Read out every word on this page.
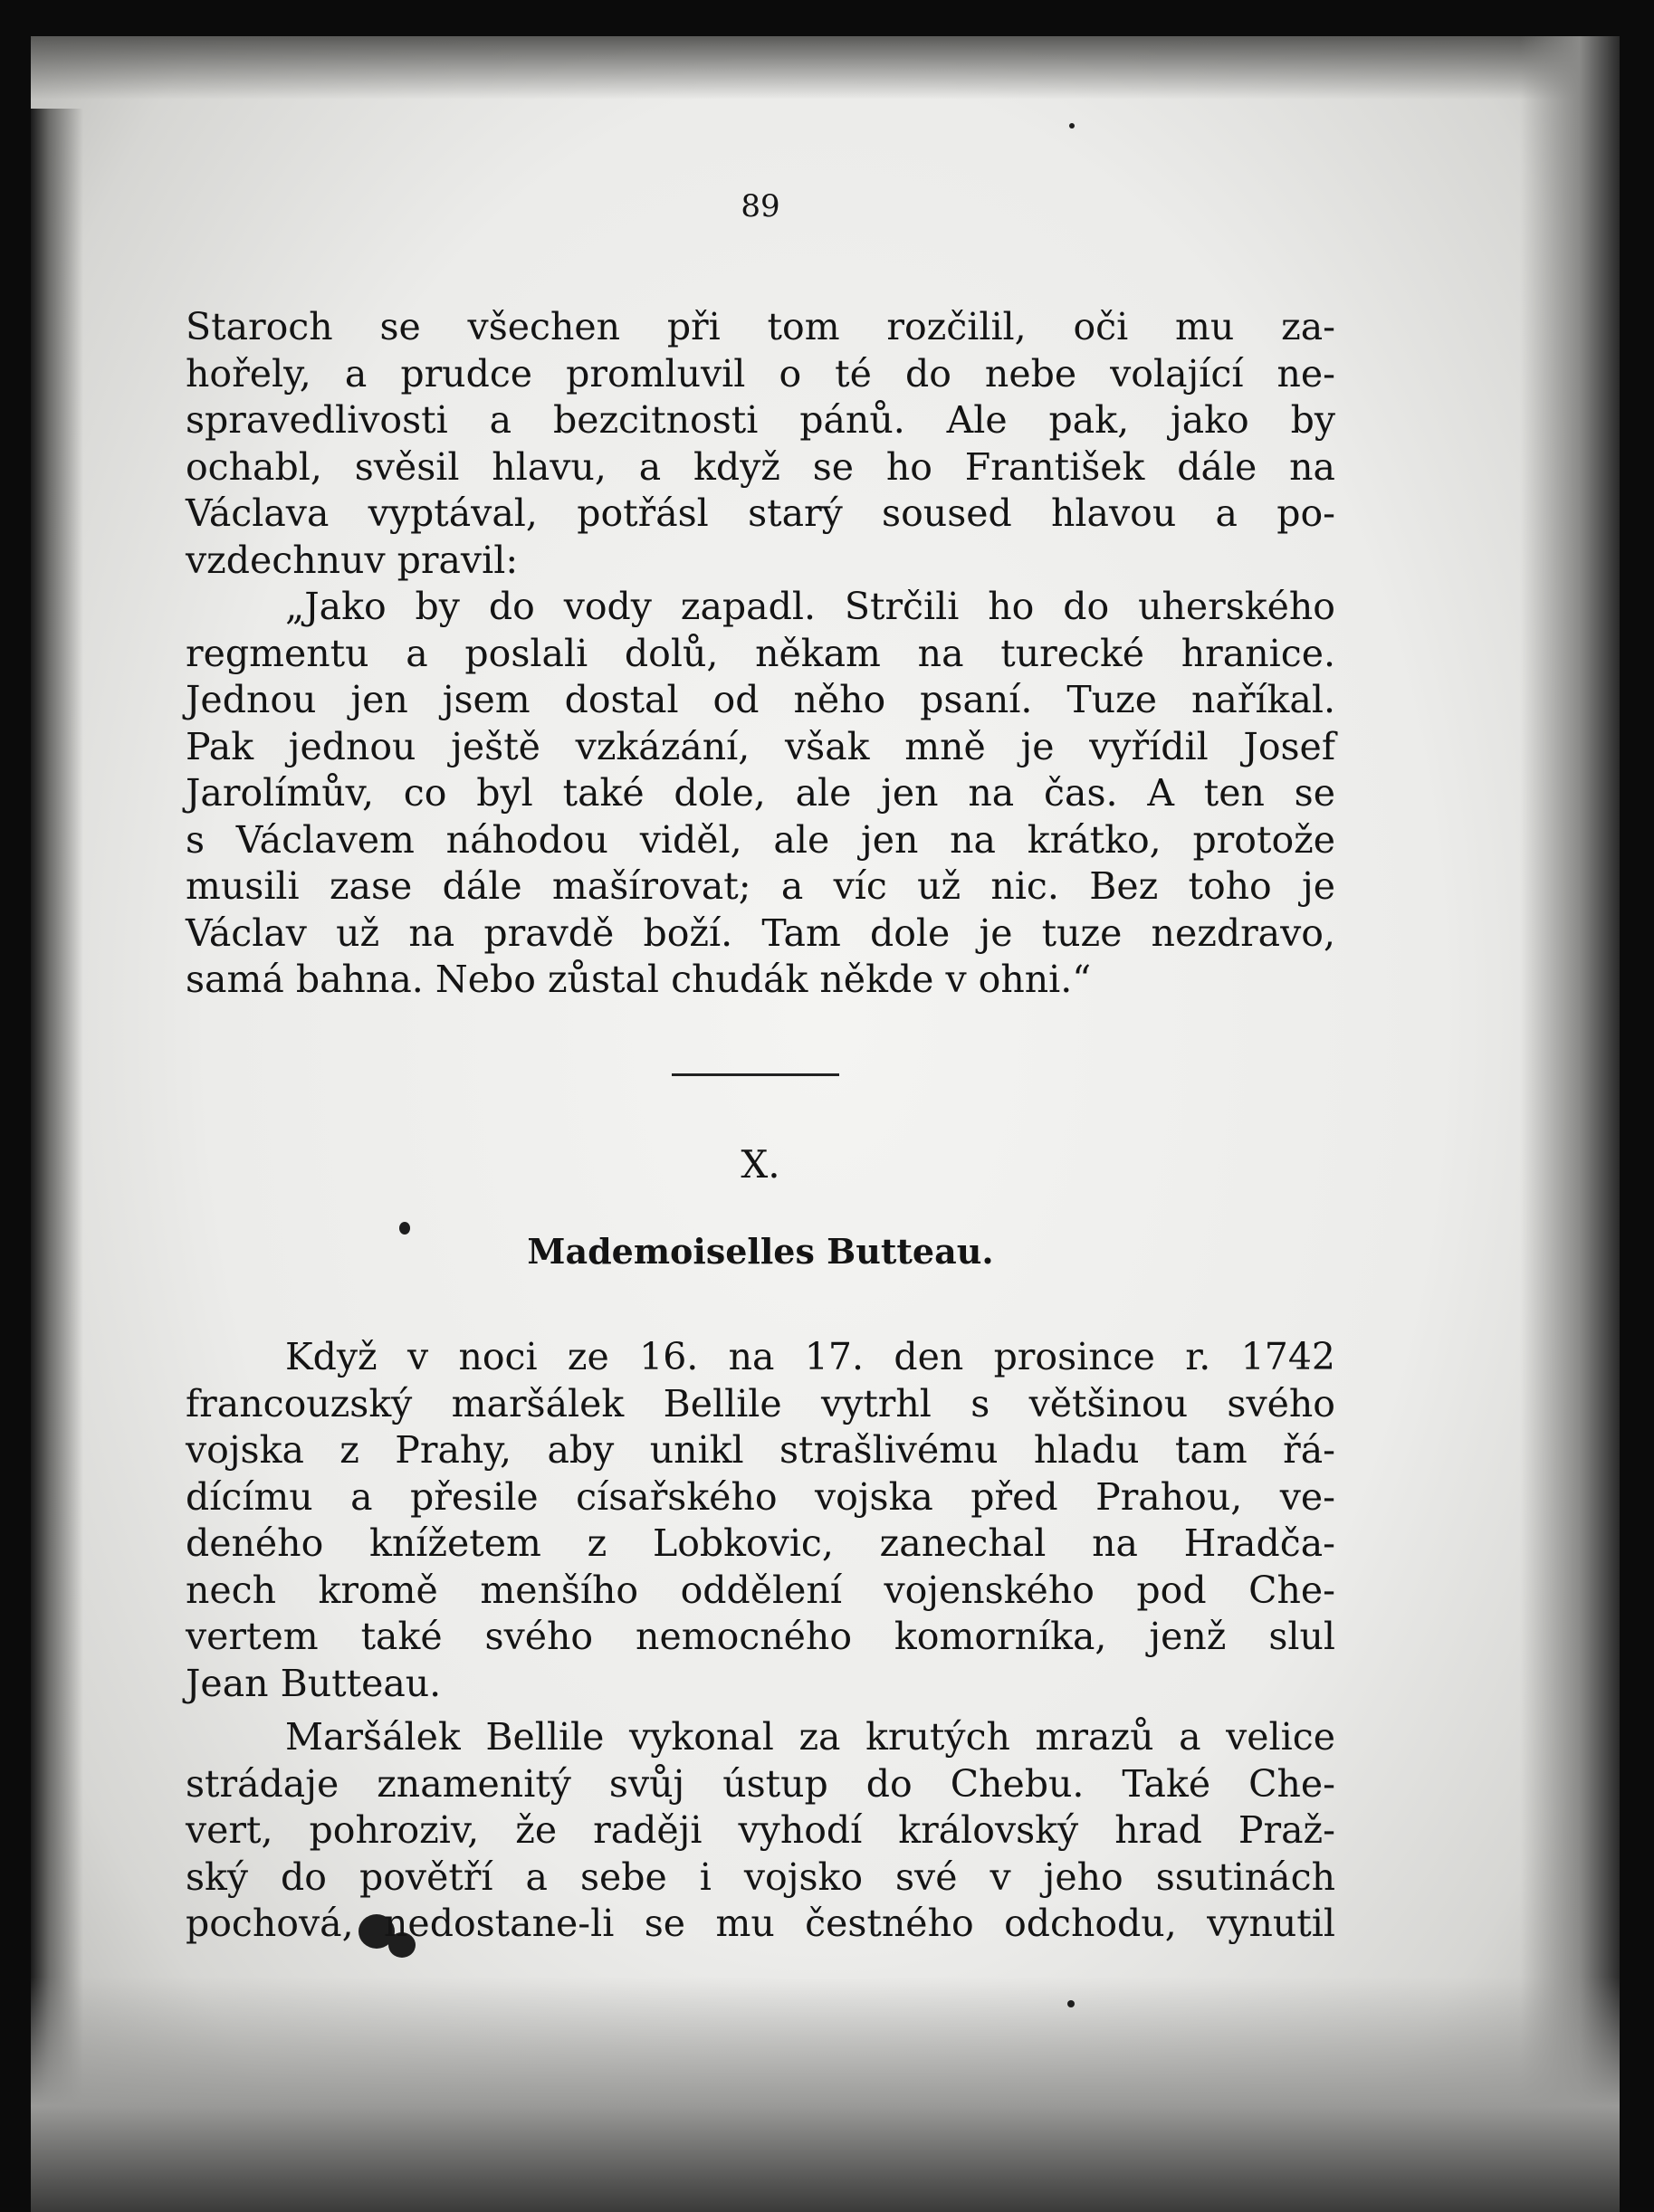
89
Staroch se všechen při tom rozčilil, oči mu za-
hořely, a prudce promluvil o té do nebe volající ne-
spravedlivosti a bezcitnosti pánů. Ale pak, jako by
ochabl, svěsil hlavu, a když se ho František dále na
Václava vyptával, potřásl starý soused hlavou a po-
vzdechnuv pravil:
„Jako by do vody zapadl. Strčili ho do uherského
regmentu a poslali dolů, někam na turecké hranice.
Jednou jen jsem dostal od něho psaní. Tuze naříkal.
Pak jednou ještě vzkázání, však mně je vyřídil Josef
Jarolímův, co byl také dole, ale jen na čas. A ten se
s Václavem náhodou viděl, ale jen na krátko, protože
musili zase dále mašírovat; a víc už nic. Bez toho je
Václav už na pravdě boží. Tam dole je tuze nezdravo,
samá bahna. Nebo zůstal chudák někde v ohni.“
X.
Mademoiselles Butteau.
Když v noci ze 16. na 17. den prosince r. 1742
francouzský maršálek Bellile vytrhl s většinou svého
vojska z Prahy, aby unikl strašlivému hladu tam řá-
dícímu a přesile císařského vojska před Prahou, ve-
deného knížetem z Lobkovic, zanechal na Hradča-
nech kromě menšího oddělení vojenského pod Che-
vertem také svého nemocného komorníka, jenž slul
Jean Butteau.
Maršálek Bellile vykonal za krutých mrazů a velice
strádaje znamenitý svůj ústup do Chebu. Také Che-
vert, pohroziv, že raději vyhodí královský hrad Praž-
ský do povětří a sebe i vojsko své v jeho ssutinách
pochová, nedostane-li se mu čestného odchodu, vynutil
